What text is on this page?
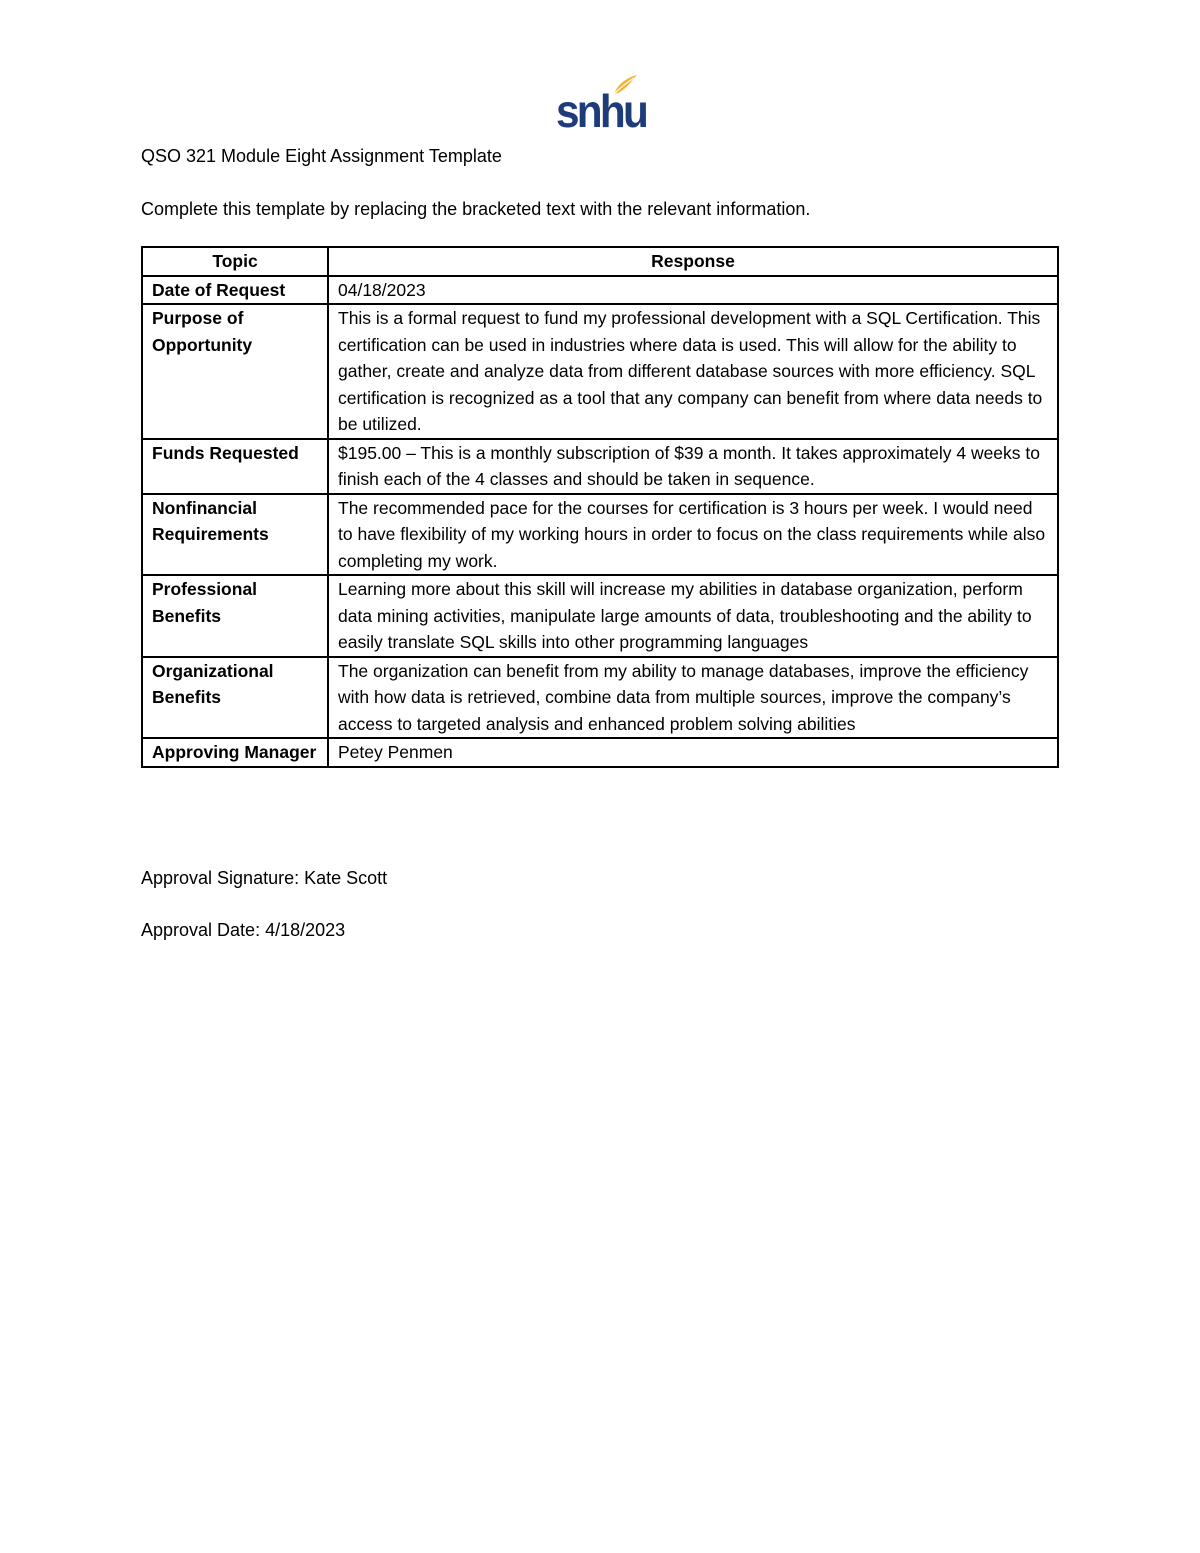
snhu
QSO 321 Module Eight Assignment Template
Complete this template by replacing the bracketed text with the relevant information.
Topic	Response
Date of Request	04/18/2023
Purpose of Opportunity	This is a formal request to fund my professional development with a SQL Certification. This certification can be used in industries where data is used. This will allow for the ability to gather, create and analyze data from different database sources with more efficiency. SQL certification is recognized as a tool that any company can benefit from where data needs to be utilized.
Funds Requested	$195.00 – This is a monthly subscription of $39 a month. It takes approximately 4 weeks to finish each of the 4 classes and should be taken in sequence.
Nonfinancial Requirements	The recommended pace for the courses for certification is 3 hours per week. I would need to have flexibility of my working hours in order to focus on the class requirements while also completing my work.
Professional Benefits	Learning more about this skill will increase my abilities in database organization, perform data mining activities, manipulate large amounts of data, troubleshooting and the ability to easily translate SQL skills into other programming languages
Organizational Benefits	The organization can benefit from my ability to manage databases, improve the efficiency with how data is retrieved, combine data from multiple sources, improve the company’s access to targeted analysis and enhanced problem solving abilities
Approving Manager	Petey Penmen
Approval Signature: Kate Scott
Approval Date: 4/18/2023
